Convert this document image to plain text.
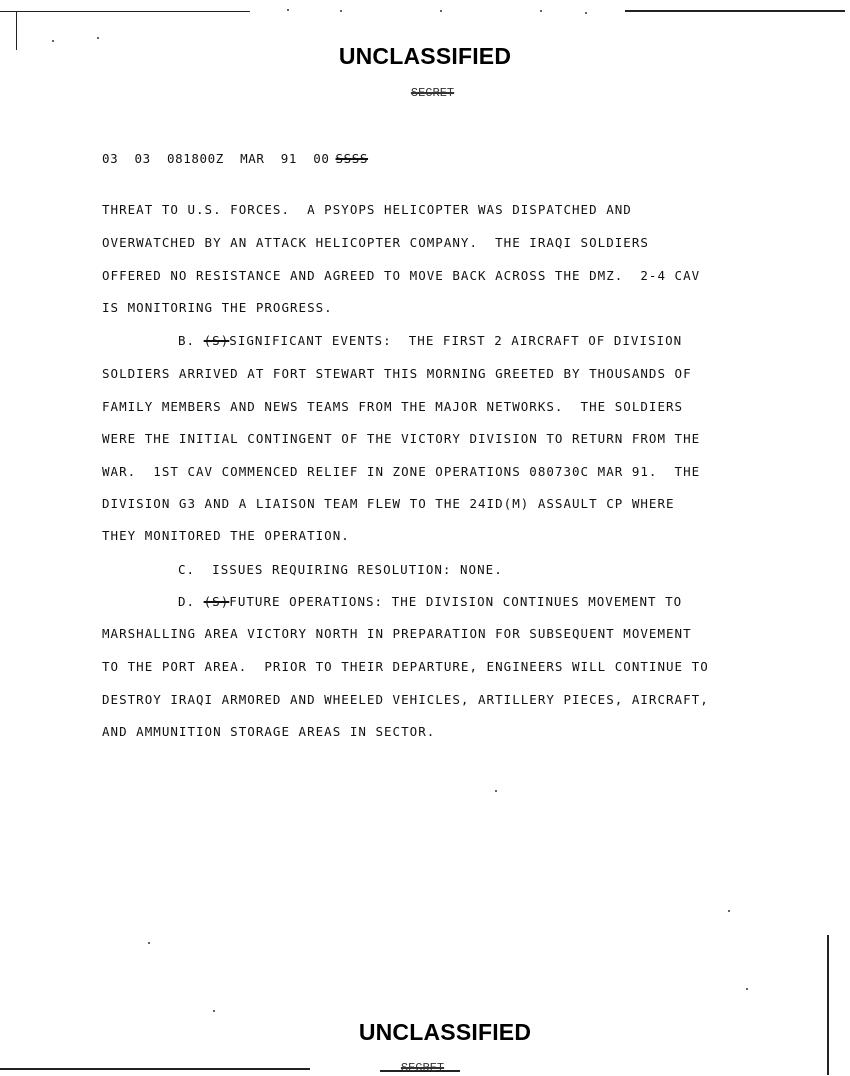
UNCLASSIFIED
SECRET
03  03  081800Z  MAR  91  00 SSSS
THREAT TO U.S. FORCES.  A PSYOPS HELICOPTER WAS DISPATCHED AND
OVERWATCHED BY AN ATTACK HELICOPTER COMPANY.  THE IRAQI SOLDIERS
OFFERED NO RESISTANCE AND AGREED TO MOVE BACK ACROSS THE DMZ.  2-4 CAV
IS MONITORING THE PROGRESS.
B. (S)SIGNIFICANT EVENTS:  THE FIRST 2 AIRCRAFT OF DIVISION
SOLDIERS ARRIVED AT FORT STEWART THIS MORNING GREETED BY THOUSANDS OF
FAMILY MEMBERS AND NEWS TEAMS FROM THE MAJOR NETWORKS.  THE SOLDIERS
WERE THE INITIAL CONTINGENT OF THE VICTORY DIVISION TO RETURN FROM THE
WAR.  1ST CAV COMMENCED RELIEF IN ZONE OPERATIONS 080730C MAR 91.  THE
DIVISION G3 AND A LIAISON TEAM FLEW TO THE 24ID(M) ASSAULT CP WHERE
THEY MONITORED THE OPERATION.
C.  ISSUES REQUIRING RESOLUTION: NONE.
D. (S)FUTURE OPERATIONS: THE DIVISION CONTINUES MOVEMENT TO
MARSHALLING AREA VICTORY NORTH IN PREPARATION FOR SUBSEQUENT MOVEMENT
TO THE PORT AREA.  PRIOR TO THEIR DEPARTURE, ENGINEERS WILL CONTINUE TO
DESTROY IRAQI ARMORED AND WHEELED VEHICLES, ARTILLERY PIECES, AIRCRAFT,
AND AMMUNITION STORAGE AREAS IN SECTOR.
UNCLASSIFIED
SECRET
